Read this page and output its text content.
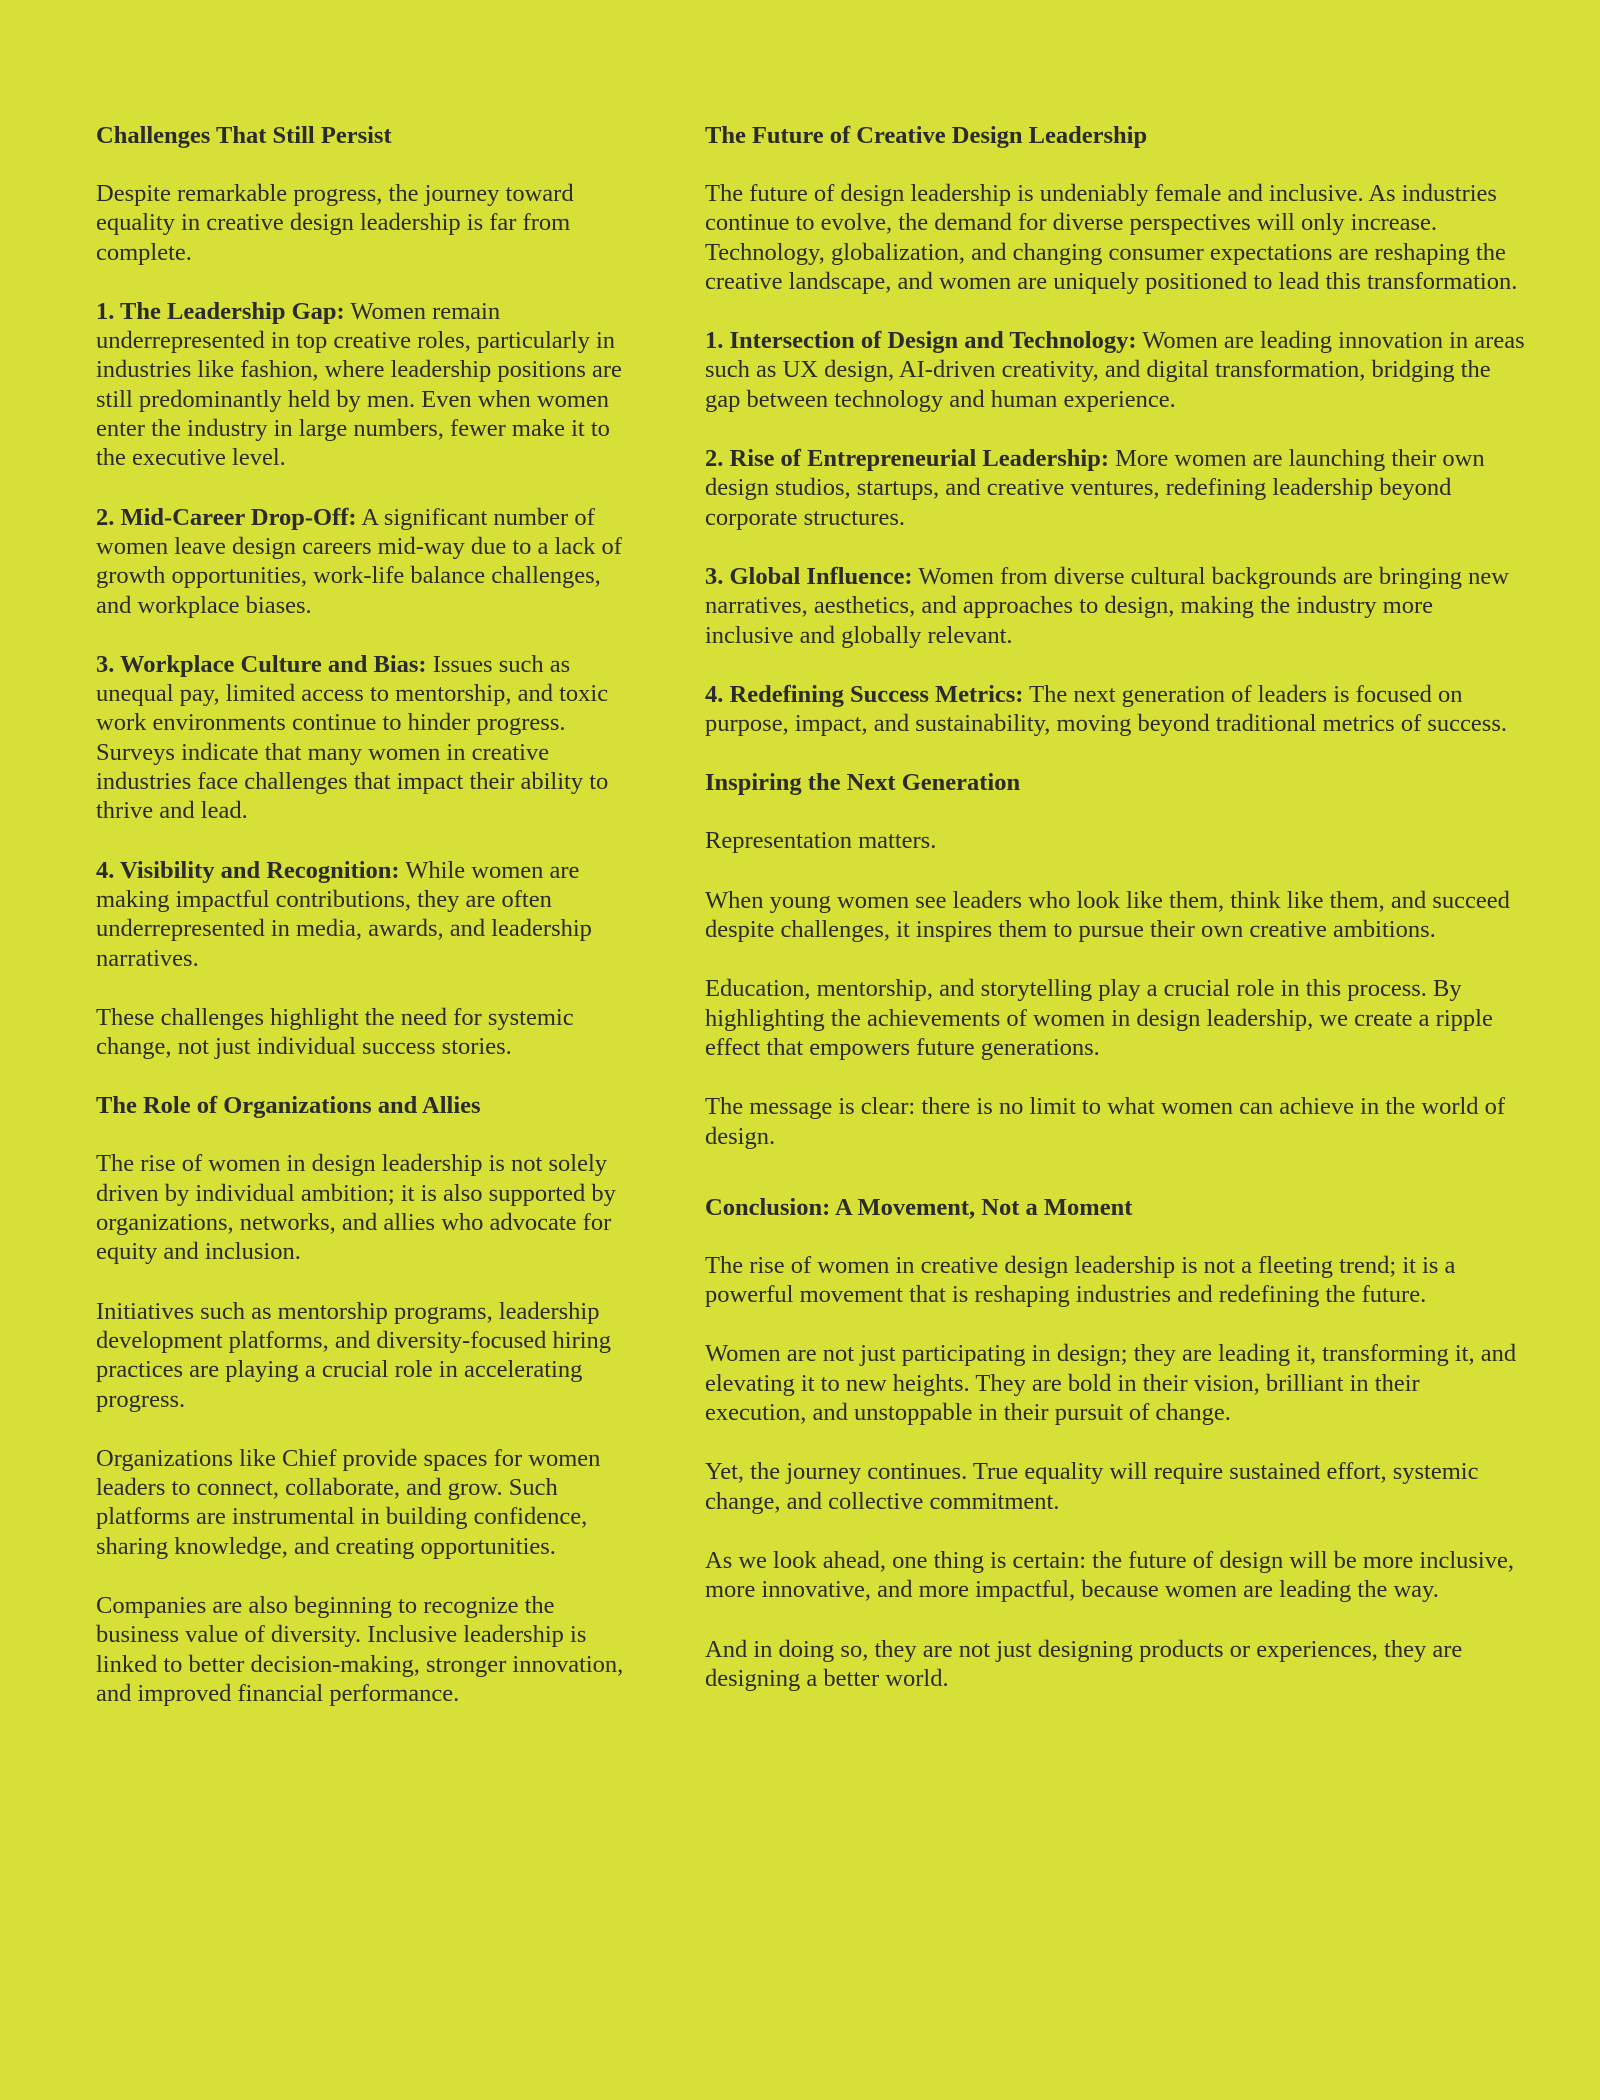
Challenges That Still Persist

Despite remarkable progress, the journey toward equality in creative design leadership is far from complete.

1. The Leadership Gap: Women remain underrepresented in top creative roles, particularly in industries like fashion, where leadership positions are still predominantly held by men. Even when women enter the industry in large numbers, fewer make it to the executive level.

2. Mid-Career Drop-Off: A significant number of women leave design careers mid-way due to a lack of growth opportunities, work-life balance challenges, and workplace biases.

3. Workplace Culture and Bias: Issues such as unequal pay, limited access to mentorship, and toxic work environments continue to hinder progress. Surveys indicate that many women in creative industries face challenges that impact their ability to thrive and lead.

4. Visibility and Recognition: While women are making impactful contributions, they are often underrepresented in media, awards, and leadership narratives.

These challenges highlight the need for systemic change, not just individual success stories.

The Role of Organizations and Allies

The rise of women in design leadership is not solely driven by individual ambition; it is also supported by organizations, networks, and allies who advocate for equity and inclusion.

Initiatives such as mentorship programs, leadership development platforms, and diversity-focused hiring practices are playing a crucial role in accelerating progress.

Organizations like Chief provide spaces for women leaders to connect, collaborate, and grow. Such platforms are instrumental in building confidence, sharing knowledge, and creating opportunities.

Companies are also beginning to recognize the business value of diversity. Inclusive leadership is linked to better decision-making, stronger innovation, and improved financial performance.

The Future of Creative Design Leadership

The future of design leadership is undeniably female and inclusive. As industries continue to evolve, the demand for diverse perspectives will only increase. Technology, globalization, and changing consumer expectations are reshaping the creative landscape, and women are uniquely positioned to lead this transformation.

1. Intersection of Design and Technology: Women are leading innovation in areas such as UX design, AI-driven creativity, and digital transformation, bridging the gap between technology and human experience.

2. Rise of Entrepreneurial Leadership: More women are launching their own design studios, startups, and creative ventures, redefining leadership beyond corporate structures.

3. Global Influence: Women from diverse cultural backgrounds are bringing new narratives, aesthetics, and approaches to design, making the industry more inclusive and globally relevant.

4. Redefining Success Metrics: The next generation of leaders is focused on purpose, impact, and sustainability, moving beyond traditional metrics of success.

Inspiring the Next Generation

Representation matters.

When young women see leaders who look like them, think like them, and succeed despite challenges, it inspires them to pursue their own creative ambitions.

Education, mentorship, and storytelling play a crucial role in this process. By highlighting the achievements of women in design leadership, we create a ripple effect that empowers future generations.

The message is clear: there is no limit to what women can achieve in the world of design.

Conclusion: A Movement, Not a Moment

The rise of women in creative design leadership is not a fleeting trend; it is a powerful movement that is reshaping industries and redefining the future.

Women are not just participating in design; they are leading it, transforming it, and elevating it to new heights. They are bold in their vision, brilliant in their execution, and unstoppable in their pursuit of change.

Yet, the journey continues. True equality will require sustained effort, systemic change, and collective commitment.

As we look ahead, one thing is certain: the future of design will be more inclusive, more innovative, and more impactful, because women are leading the way.

And in doing so, they are not just designing products or experiences, they are designing a better world.
